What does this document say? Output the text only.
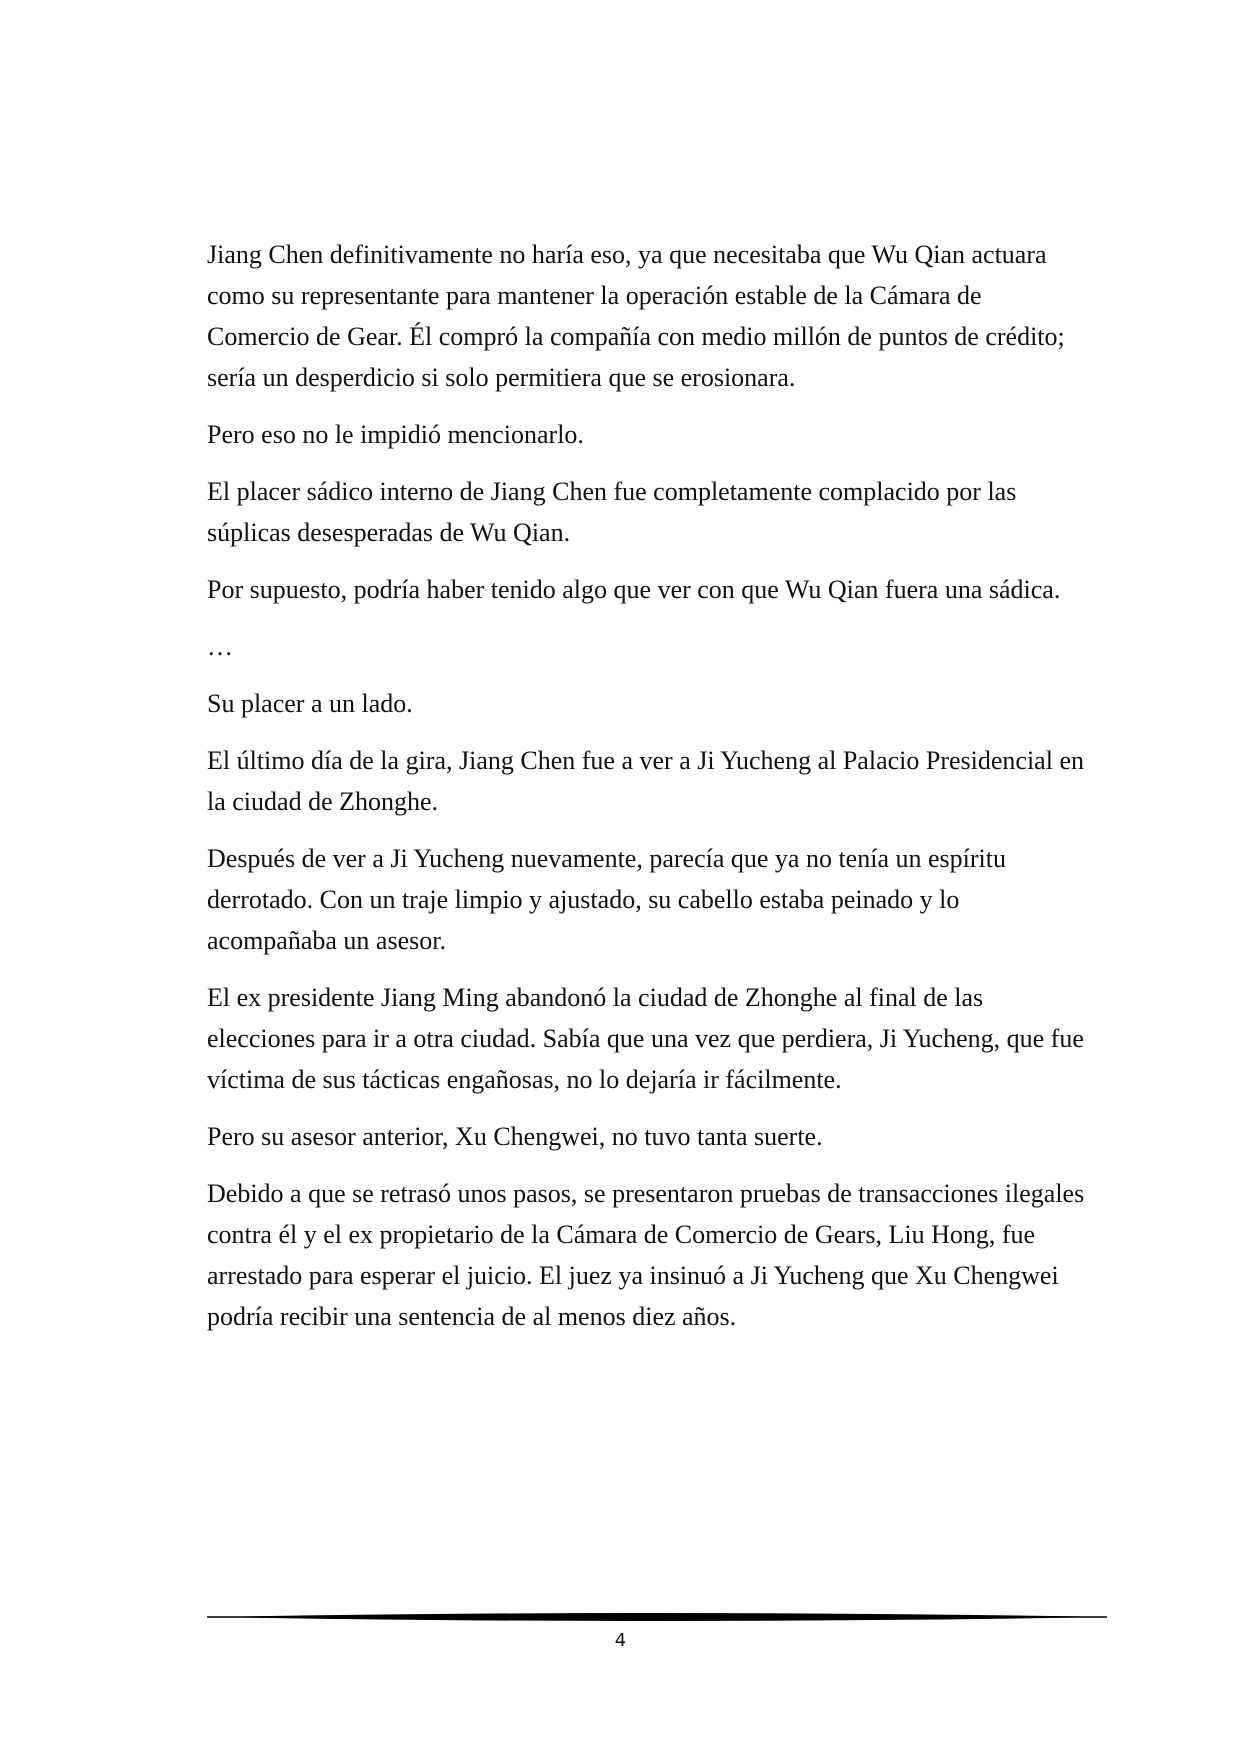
Jiang Chen definitivamente no haría eso, ya que necesitaba que Wu Qian actuara como su representante para mantener la operación estable de la Cámara de Comercio de Gear. Él compró la compañía con medio millón de puntos de crédito; sería un desperdicio si solo permitiera que se erosionara.

Pero eso no le impidió mencionarlo.

El placer sádico interno de Jiang Chen fue completamente complacido por las súplicas desesperadas de Wu Qian.

Por supuesto, podría haber tenido algo que ver con que Wu Qian fuera una sádica.

…

Su placer a un lado.

El último día de la gira, Jiang Chen fue a ver a Ji Yucheng al Palacio Presidencial en la ciudad de Zhonghe.

Después de ver a Ji Yucheng nuevamente, parecía que ya no tenía un espíritu derrotado. Con un traje limpio y ajustado, su cabello estaba peinado y lo acompañaba un asesor.

El ex presidente Jiang Ming abandonó la ciudad de Zhonghe al final de las elecciones para ir a otra ciudad. Sabía que una vez que perdiera, Ji Yucheng, que fue víctima de sus tácticas engañosas, no lo dejaría ir fácilmente.

Pero su asesor anterior, Xu Chengwei, no tuvo tanta suerte.

Debido a que se retrasó unos pasos, se presentaron pruebas de transacciones ilegales contra él y el ex propietario de la Cámara de Comercio de Gears, Liu Hong, fue arrestado para esperar el juicio. El juez ya insinuó a Ji Yucheng que Xu Chengwei podría recibir una sentencia de al menos diez años.

4
